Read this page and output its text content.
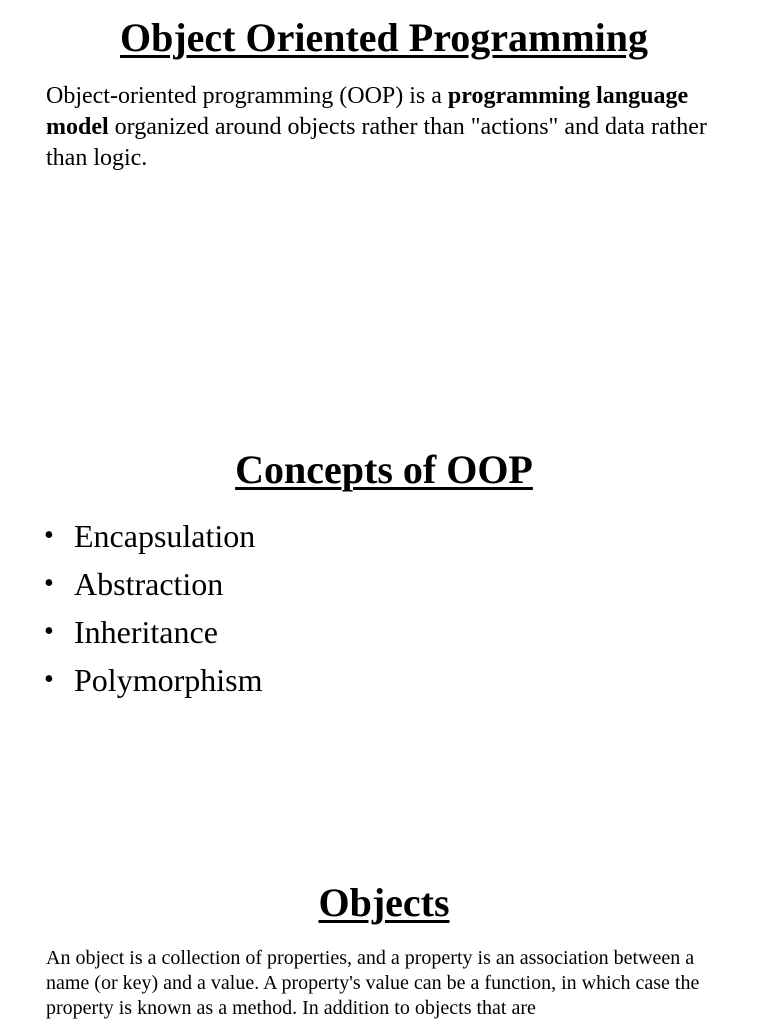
Object Oriented Programming

Object-oriented programming (OOP) is a programming language model organized around objects rather than "actions" and data rather than logic.

Concepts of OOP
• Encapsulation
• Abstraction
• Inheritance
• Polymorphism
Objects

An object is a collection of properties, and a property is an association between a name (or key) and a value. A property's value can be a function, in which case the property is known as a method. In addition to objects that are
